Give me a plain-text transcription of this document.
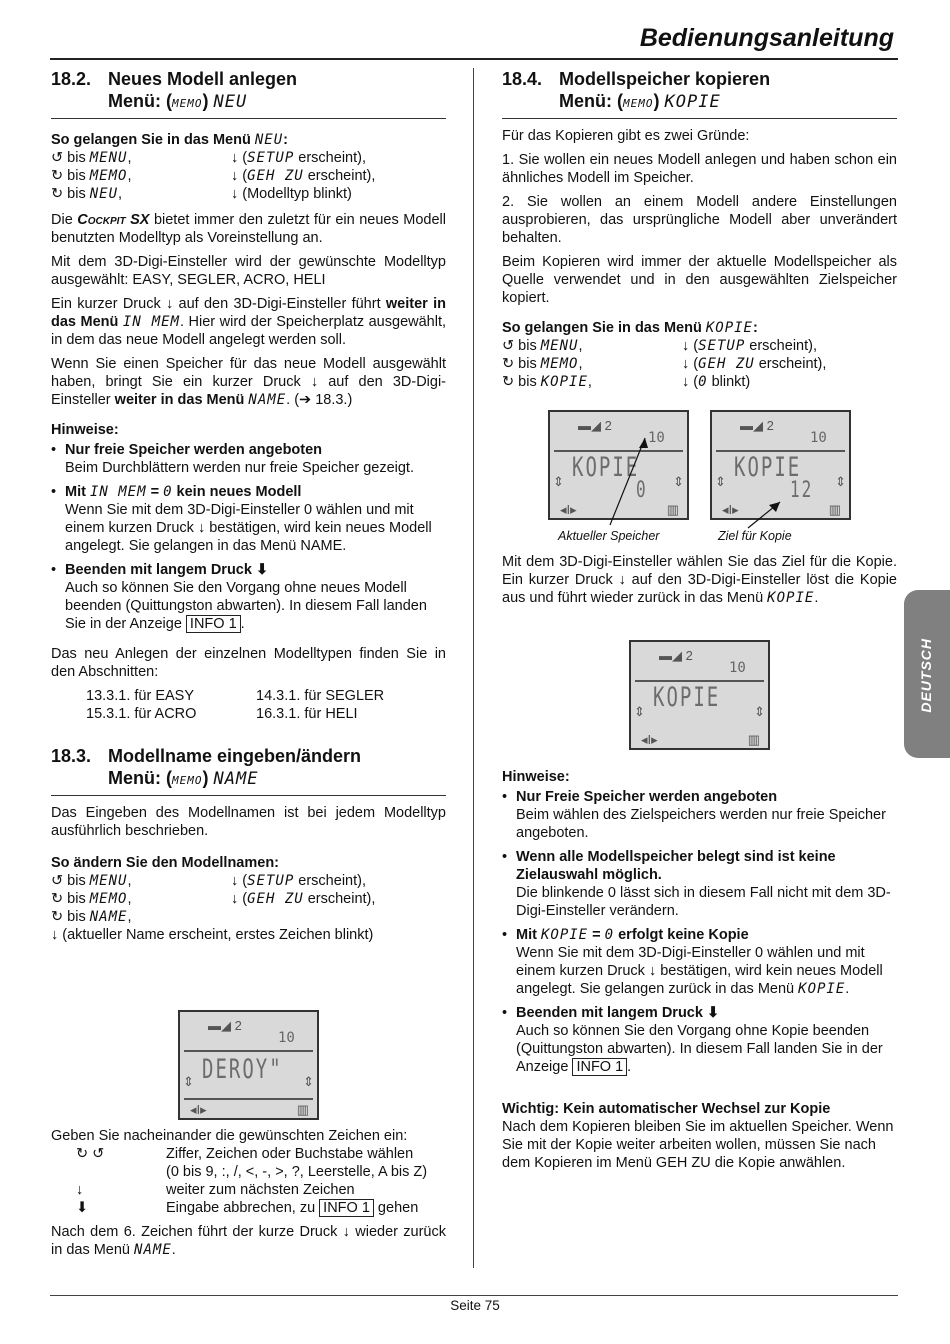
Bedienungsanleitung
18.2. Neues Modell anlegen
Menü: (MEMO) NEU

So gelangen Sie in das Menü NEU:

↺ bis MENU,	↓ (SETUP erscheint),
↻ bis MEMO,	↓ (GEH ZU erscheint),
↻ bis NEU,	↓ (Modelltyp blinkt)

Die Cockpit SX bietet immer den zuletzt für ein neues Modell benutzten Modelltyp als Voreinstellung an.

Mit dem 3D-Digi-Einsteller wird der gewünschte Modelltyp ausgewählt: EASY, SEGLER, ACRO, HELI

Ein kurzer Druck ↓ auf den 3D-Digi-Einsteller führt weiter in das Menü IN MEM. Hier wird der Speicherplatz ausgewählt, in dem das neue Modell angelegt werden soll.

Wenn Sie einen Speicher für das neue Modell ausgewählt haben, bringt Sie ein kurzer Druck ↓ auf den 3D-Digi-Einsteller weiter in das Menü NAME. (➔ 18.3.)

Hinweise:

• Nur freie Speicher werden angeboten
Beim Durchblättern werden nur freie Speicher gezeigt.
• Mit IN MEM = 0 kein neues Modell
Wenn Sie mit dem 3D-Digi-Einsteller 0 wählen und mit einem kurzen Druck ↓ bestätigen, wird kein neues Modell angelegt. Sie gelangen in das Menü NAME.
• Beenden mit langem Druck ⬇
Auch so können Sie den Vorgang ohne neues Modell beenden (Quittungston abwarten). In diesem Fall landen Sie in der Anzeige INFO 1 .

Das neu Anlegen der einzelnen Modelltypen finden Sie in den Abschnitten:

13.3.1. für EASY	14.3.1. für SEGLER
15.3.1. für ACRO	16.3.1. für HELI
18.3. Modellname eingeben/ändern
Menü: (MEMO) NAME

Das Eingeben des Modellnamen ist bei jedem Modelltyp ausführlich beschrieben.

So ändern Sie den Modellnamen:

↺ bis MENU,	↓ (SETUP erscheint),
↻ bis MEMO,	↓ (GEH ZU erscheint),
↻ bis NAME,
↓ (aktueller Name erscheint, erstes Zeichen blinkt)
▬◢ 2
10
DEROY"
⇕	⇕
◂I▸	▥

Geben Sie nacheinander die gewünschten Zeichen ein:

↻ ↺	Ziffer, Zeichen oder Buchstabe wählen
(0 bis 9, :, /, <, -, >, ?, Leerstelle, A bis Z)
↓	weiter zum nächsten Zeichen
⬇	Eingabe abbrechen, zu INFO 1 gehen

Nach dem 6. Zeichen führt der kurze Druck ↓ wieder zurück in das Menü NAME.

18.4. Modellspeicher kopieren
Menü: (MEMO) KOPIE

Für das Kopieren gibt es zwei Gründe:

1. Sie wollen ein neues Modell anlegen und haben schon ein ähnliches Modell im Speicher.

2. Sie wollen an einem Modell andere Einstellungen ausprobieren, das ursprüngliche Modell aber unverändert behalten.

Beim Kopieren wird immer der aktuelle Modellspeicher als Quelle verwendet und in den ausgewählten Zielspeicher kopiert.

So gelangen Sie in das Menü KOPIE:

↺ bis MENU,	↓ (SETUP erscheint),
↻ bis MEMO,	↓ (GEH ZU erscheint),
↻ bis KOPIE,	↓ (0 blinkt)
▬◢ 2
10
KOPIE
0
⇕	⇕
◂I▸	▥
▬◢ 2
10
KOPIE
12
⇕	⇕
◂I▸	▥
Aktueller Speicher	Ziel für Kopie

Mit dem 3D-Digi-Einsteller wählen Sie das Ziel für die Kopie. Ein kurzer Druck ↓ auf den 3D-Digi-Einsteller löst die Kopie aus und führt wieder zurück in das Menü KOPIE.

▬◢ 2
10
KOPIE
⇕	⇕
◂I▸	▥

Hinweise:

• Nur Freie Speicher werden angeboten
Beim wählen des Zielspeichers werden nur freie Speicher angeboten.
• Wenn alle Modellspeicher belegt sind ist keine Zielauswahl möglich.
Die blinkende 0 lässt sich in diesem Fall nicht mit dem 3D-Digi-Einsteller verändern.
• Mit KOPIE = 0 erfolgt keine Kopie
Wenn Sie mit dem 3D-Digi-Einsteller 0 wählen und mit einem kurzen Druck ↓ bestätigen, wird kein neues Modell angelegt. Sie gelangen zurück in das Menü KOPIE.
• Beenden mit langem Druck ⬇
Auch so können Sie den Vorgang ohne Kopie beenden (Quittungston abwarten). In diesem Fall landen Sie in der Anzeige INFO 1 .

Wichtig: Kein automatischer Wechsel zur Kopie

Nach dem Kopieren bleiben Sie im aktuellen Speicher. Wenn Sie mit der Kopie weiter arbeiten wollen, müssen Sie nach dem Kopieren im Menü GEH ZU die Kopie anwählen.

DEUTSCH
Seite 75
